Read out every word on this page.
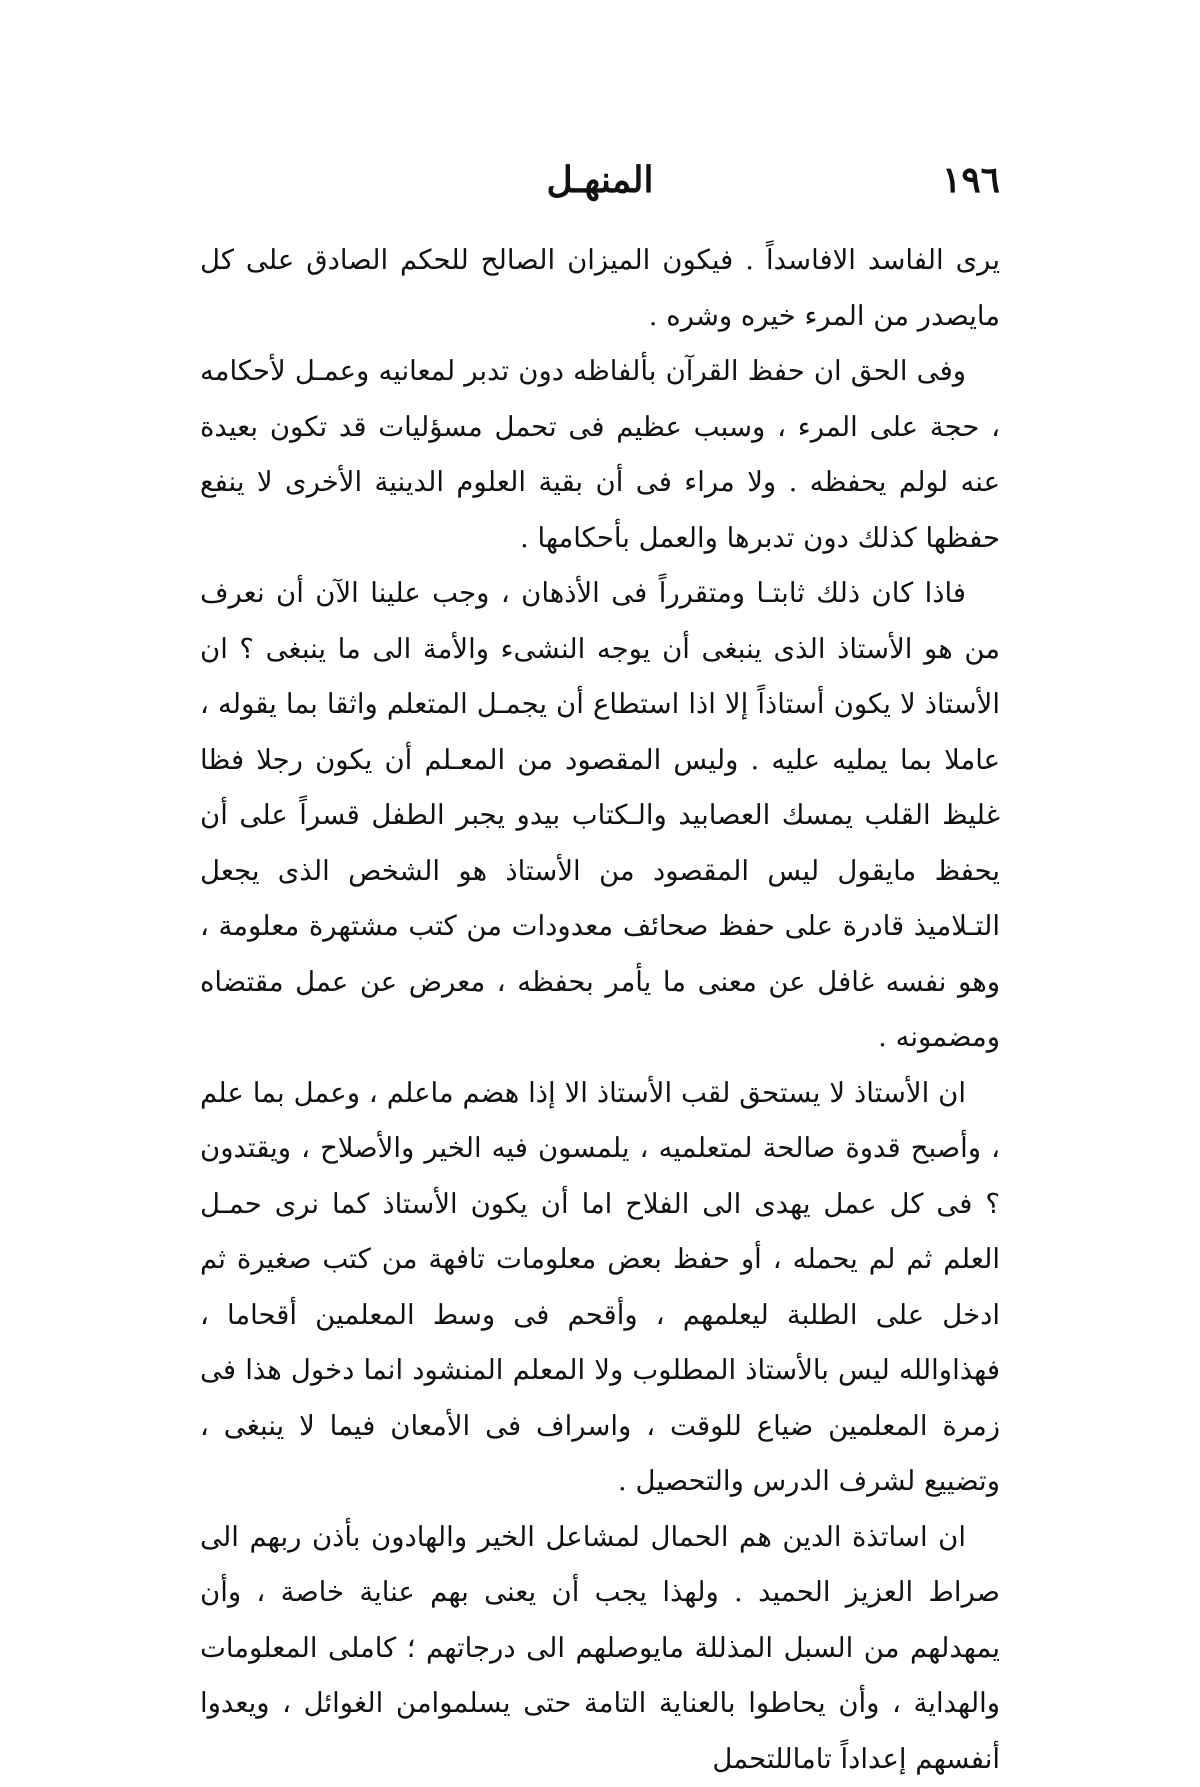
١٩٦
المنهـل

يرى الفاسد الافاسداً . فيكون الميزان الصالح للحكم الصادق على كل مايصدر من المرء خيره وشره .

وفى الحق ان حفظ القرآن بألفاظه دون تدبر لمعانيه وعمـل لأحكامه ، حجة على المرء ، وسبب عظيم فى تحمل مسؤليات قد تكون بعيدة عنه لولم يحفظه . ولا مراء فى أن بقية العلوم الدينية الأخرى لا ينفع حفظها كذلك دون تدبرها والعمل بأحكامها .

فاذا كان ذلك ثابتـا ومتقرراً فى الأذهان ، وجب علينا الآن أن نعرف من هو الأستاذ الذى ينبغى أن يوجه النشىء والأمة الى ما ينبغى ؟ ان الأستاذ لا يكون أستاذاً إلا اذا استطاع أن يجمـل المتعلم واثقا بما يقوله ، عاملا بما يمليه عليه . وليس المقصود من المعـلم أن يكون رجلا فظا غليظ القلب يمسك العصابيد والـكتاب بيدو يجبر الطفل قسراً على أن يحفظ مايقول ليس المقصود من الأستاذ هو الشخص الذى يجعل التـلاميذ قادرة على حفظ صحائف معدودات من كتب مشتهرة معلومة ، وهو نفسه غافل عن معنى ما يأمر بحفظه ، معرض عن عمل مقتضاه ومضمونه .

ان الأستاذ لا يستحق لقب الأستاذ الا إذا هضم ماعلم ، وعمل بما علم ، وأصبح قدوة صالحة لمتعلميه ، يلمسون فيه الخير والأصلاح ، ويقتدون ؟ فى كل عمل يهدى الى الفلاح اما أن يكون الأستاذ كما نرى حمـل العلم ثم لم يحمله ، أو حفظ بعض معلومات تافهة من كتب صغيرة ثم ادخل على الطلبة ليعلمهم ، وأقحم فى وسط المعلمين أقحاما ، فهذاوالله ليس بالأستاذ المطلوب ولا المعلم المنشود انما دخول هذا فى زمرة المعلمين ضياع للوقت ، واسراف فى الأمعان فيما لا ينبغى ، وتضييع لشرف الدرس والتحصيل .

ان اساتذة الدين هم الحمال لمشاعل الخير والهادون بأذن ربهم الى صراط العزيز الحميد . ولهذا يجب أن يعنى بهم عناية خاصة ، وأن يمهدلهم من السبل المذللة مايوصلهم الى درجاتهم ؛ كاملى المعلومات والهداية ، وأن يحاطوا بالعناية التامة حتى يسلموامن الغوائل ، ويعدوا أنفسهم إعداداً تاماللتحمل
